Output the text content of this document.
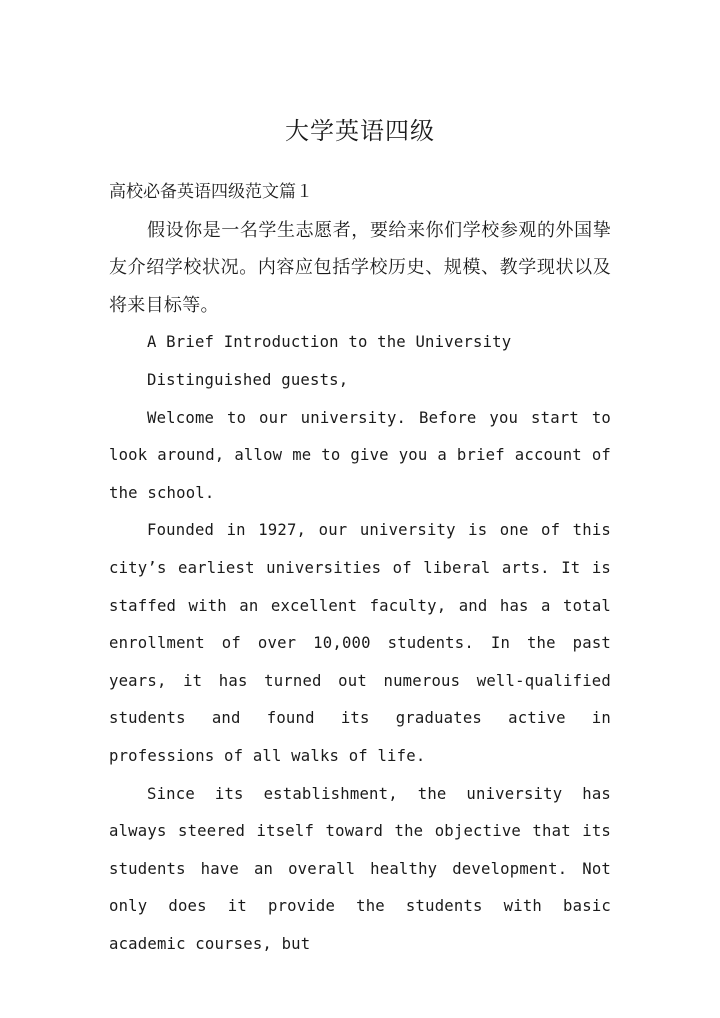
大学英语四级
高校必备英语四级范文篇１

假设你是一名学生志愿者，要给来你们学校参观的外国挚友介绍学校状况。内容应包括学校历史、规模、教学现状以及将来目标等。

A Brief Introduction to the University

Distinguished guests,

Welcome to our university. Before you start to look around, allow me to give you a brief account of the school.

Founded in 1927, our university is one of this city’s earliest universities of liberal arts. It is staffed with an excellent faculty, and has a total enrollment of over 10,000 students. In the past years, it has turned out numerous well-qualified students and found its graduates active in professions of all walks of life.

Since its establishment, the university has always steered itself toward the objective that its students have an overall healthy development. Not only does it provide the students with basic academic courses, but
